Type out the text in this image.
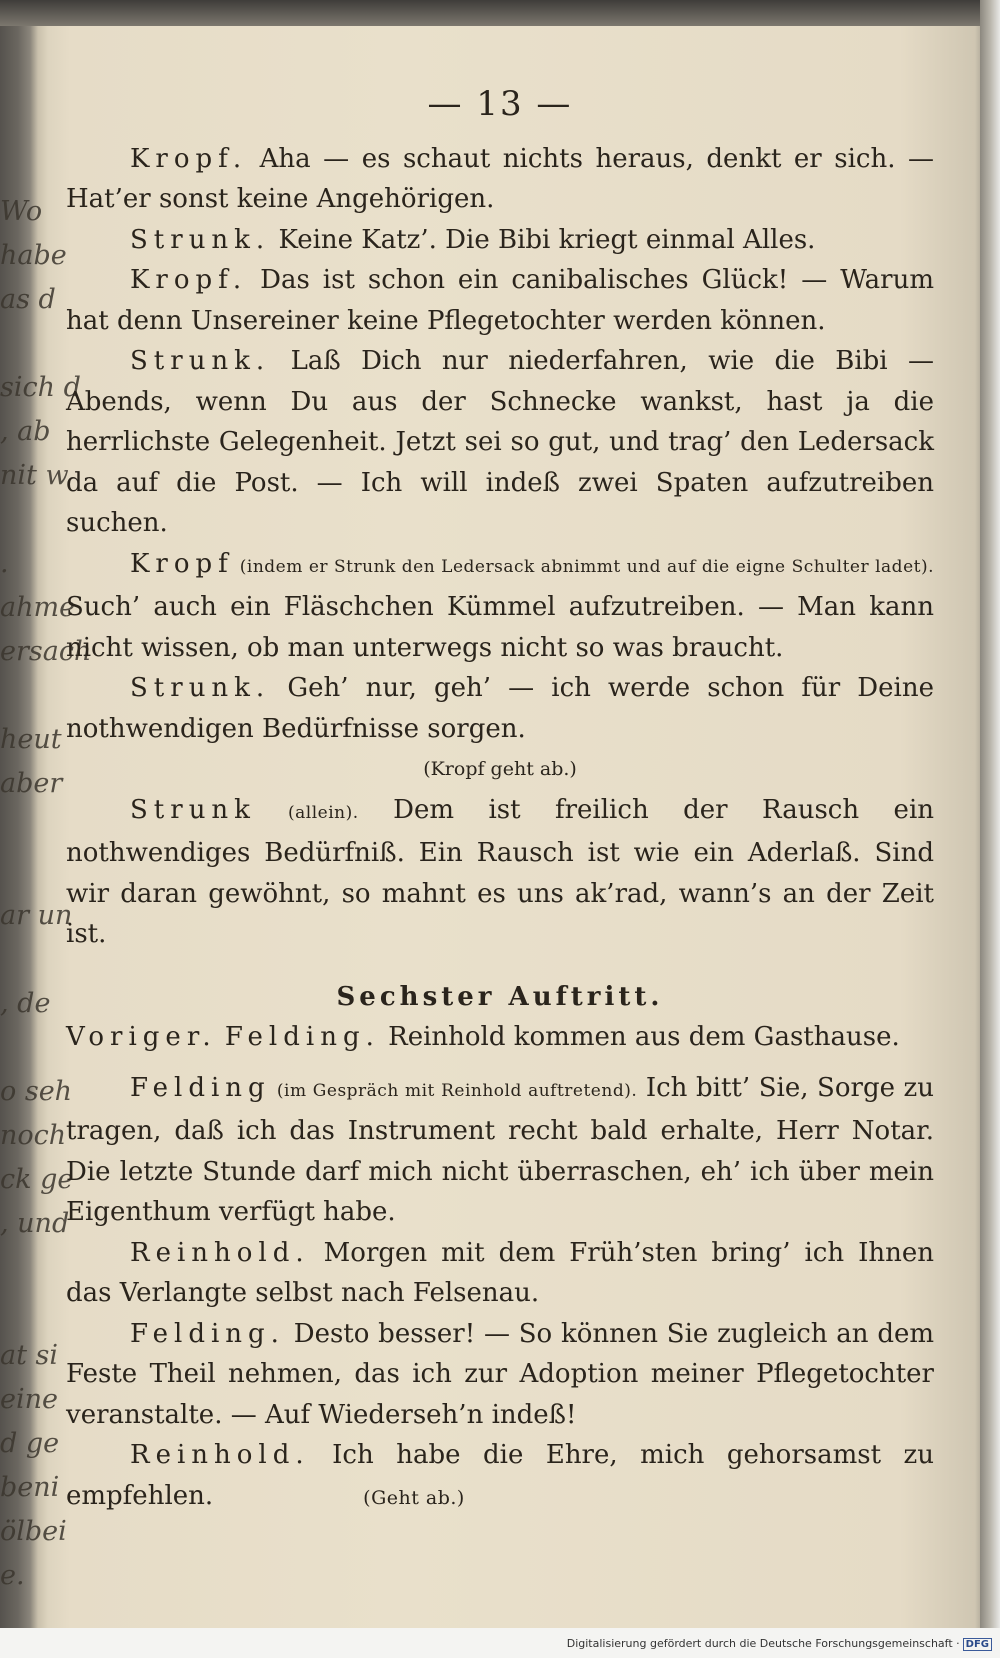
Wo
habe
as d

sich d
, ab
nit w

.
ahme
ersach

heut
aber

ar un

, de

o seh
noch
ck ge
, und

at si
eine
d ge
beni
ölbei
e.
— 13 —
Kropf. Aha — es schaut nichts heraus, denkt er sich. — Hat’er sonst keine Angehörigen.
Strunk. Keine Katz’. Die Bibi kriegt einmal Alles.
Kropf. Das ist schon ein canibalisches Glück! — Warum hat denn Unsereiner keine Pflegetochter werden können.
Strunk. Laß Dich nur niederfahren, wie die Bibi — Abends, wenn Du aus der Schnecke wankst, hast ja die herrlichste Gelegenheit. Jetzt sei so gut, und trag’ den Ledersack da auf die Post. — Ich will indeß zwei Spaten aufzutreiben suchen.
Kropf (indem er Strunk den Ledersack abnimmt und auf die eigne Schulter ladet). Such’ auch ein Fläschchen Kümmel aufzutreiben. — Man kann nicht wissen, ob man unterwegs nicht so was braucht.
Strunk. Geh’ nur, geh’ — ich werde schon für Deine nothwendigen Bedürfnisse sorgen.
(Kropf geht ab.)
Strunk (allein). Dem ist freilich der Rausch ein nothwendiges Bedürfniß. Ein Rausch ist wie ein Aderlaß. Sind wir daran gewöhnt, so mahnt es uns ak’rad, wann’s an der Zeit ist.
Sechster Auftritt.
Voriger. Felding. Reinhold kommen aus dem Gasthause.
Felding (im Gespräch mit Reinhold auftretend). Ich bitt’ Sie, Sorge zu tragen, daß ich das Instrument recht bald erhalte, Herr Notar. Die letzte Stunde darf mich nicht überraschen, eh’ ich über mein Eigenthum verfügt habe.
Reinhold. Morgen mit dem Früh’sten bring’ ich Ihnen das Verlangte selbst nach Felsenau.
Felding. Desto besser! — So können Sie zugleich an dem Feste Theil nehmen, das ich zur Adoption meiner Pflegetochter veranstalte. — Auf Wiederseh’n indeß!
Reinhold. Ich habe die Ehre, mich gehorsamst zu empfehlen.	(Geht ab.)
Digitalisierung gefördert durch die Deutsche Forschungsgemeinschaft · DFG
